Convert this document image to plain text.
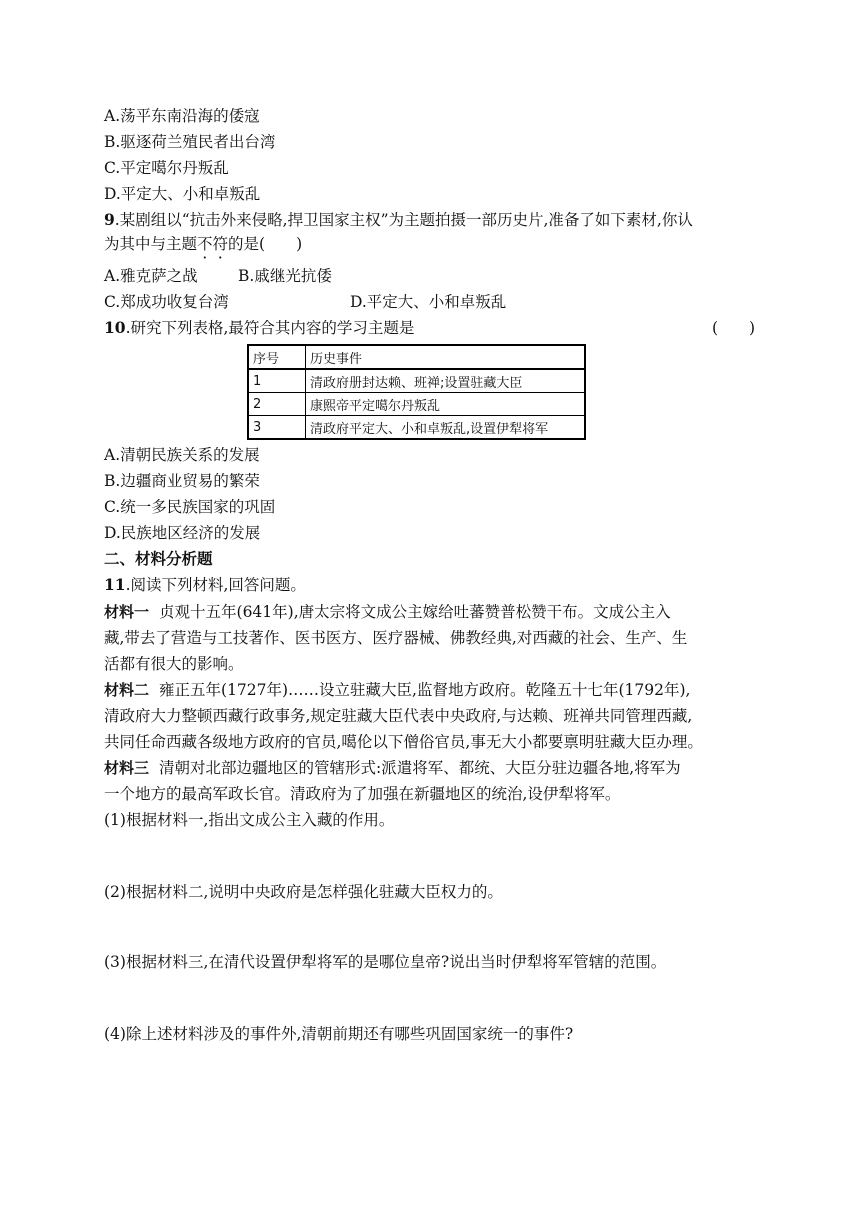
A.荡平东南沿海的倭寇
B.驱逐荷兰殖民者出台湾
C.平定噶尔丹叛乱
D.平定大、小和卓叛乱
9.某剧组以“抗击外来侵略,捍卫国家主权”为主题拍摄一部历史片,准备了如下素材,你认
为其中与主题不符的是(　　)
A.雅克萨之战	B.戚继光抗倭
C.郑成功收复台湾	D.平定大、小和卓叛乱
10.研究下列表格,最符合其内容的学习主题是	(　　)
序号	历史事件
1	清政府册封达赖、班禅;设置驻藏大臣
2	康熙帝平定噶尔丹叛乱
3	清政府平定大、小和卓叛乱,设置伊犁将军
A.清朝民族关系的发展
B.边疆商业贸易的繁荣
C.统一多民族国家的巩固
D.民族地区经济的发展
二、材料分析题
11.阅读下列材料,回答问题。
材料一 贞观十五年(641年),唐太宗将文成公主嫁给吐蕃赞普松赞干布。文成公主入
藏,带去了营造与工技著作、医书医方、医疗器械、佛教经典,对西藏的社会、生产、生
活都有很大的影响。
材料二 雍正五年(1727年)……设立驻藏大臣,监督地方政府。乾隆五十七年(1792年),
清政府大力整顿西藏行政事务,规定驻藏大臣代表中央政府,与达赖、班禅共同管理西藏,
共同任命西藏各级地方政府的官员,噶伦以下僧俗官员,事无大小都要禀明驻藏大臣办理。
材料三 清朝对北部边疆地区的管辖形式:派遣将军、都统、大臣分驻边疆各地,将军为
一个地方的最高军政长官。清政府为了加强在新疆地区的统治,设伊犁将军。
(1)根据材料一,指出文成公主入藏的作用。
(2)根据材料二,说明中央政府是怎样强化驻藏大臣权力的。
(3)根据材料三,在清代设置伊犁将军的是哪位皇帝?说出当时伊犁将军管辖的范围。
(4)除上述材料涉及的事件外,清朝前期还有哪些巩固国家统一的事件?
